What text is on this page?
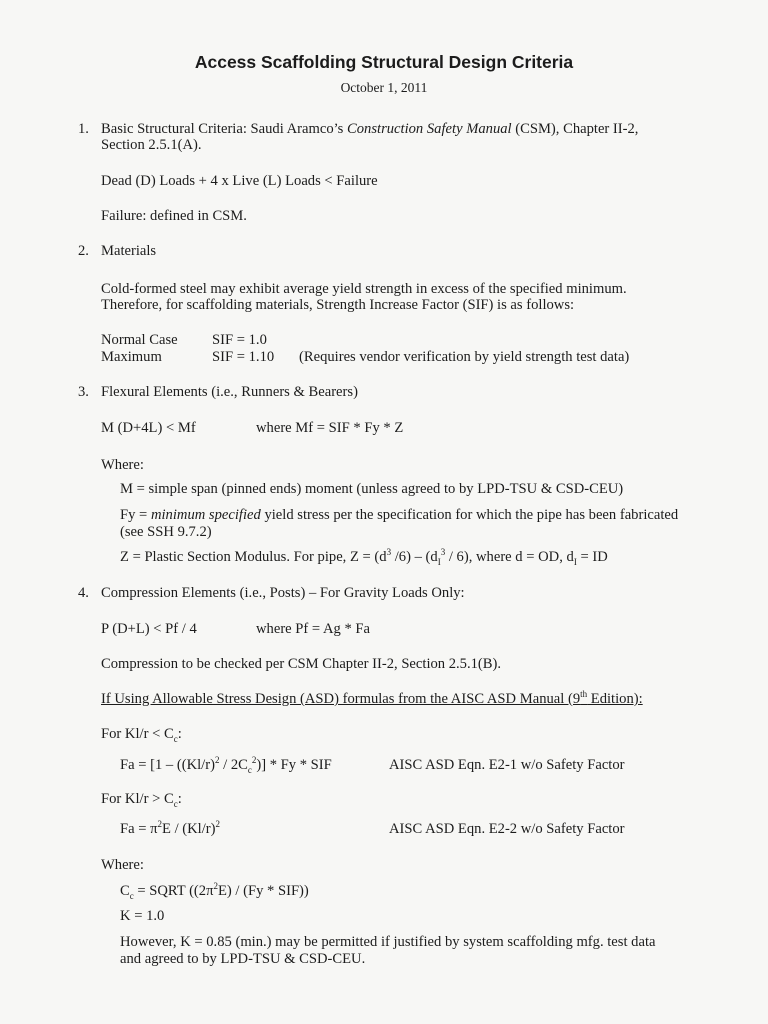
Access Scaffolding Structural Design Criteria
October 1, 2011
1. Basic Structural Criteria: Saudi Aramco’s Construction Safety Manual (CSM), Chapter II-2,
Section 2.5.1(A).
Dead (D) Loads + 4 x Live (L) Loads < Failure
Failure: defined in CSM.
2. Materials
Cold-formed steel may exhibit average yield strength in excess of the specified minimum.
Therefore, for scaffolding materials, Strength Increase Factor (SIF) is as follows:
Normal Case SIF = 1.0
Maximum	SIF = 1.10 (Requires vendor verification by yield strength test data)
3. Flexural Elements (i.e., Runners & Bearers)
M (D+4L) < Mf	where Mf = SIF * Fy * Z
Where:
M = simple span (pinned ends) moment (unless agreed to by LPD-TSU & CSD-CEU)
Fy = minimum specified yield stress per the specification for which the pipe has been fabricated
(see SSH 9.7.2)
Z = Plastic Section Modulus. For pipe, $Z = (d^3$ $/6) - (d_I^3 / 6)$, where d = OD, $d_I$ = ID
4. Compression Elements (i.e., Posts) – For Gravity Loads Only:
P (D+L) < Pf / 4	where Pf = Ag * Fa
Compression to be checked per CSM Chapter II-2, Section 2.5.1(B).
If Using Allowable Stress Design (ASD) formulas from the AISC ASD Manual (9th Edition):
For $Kl/r < C_c$:
$Fa = [1 - ((Kl/r)^2 / 2C_c^2)] * Fy$ * SIF	AISC ASD Eqn. E2-1 w/o Safety Factor
For $Kl/r > C_c$:
$Fa = \pi^2E / (Kl/r)^2$	AISC ASD Eqn. E2-2 w/o Safety Factor
Where:
$C_c$ = SQRT $((2\pi^2E) / (Fy * SIF))$
K = 1.0
However, K = 0.85 (min.) may be permitted if justified by system scaffolding mfg. test data
and agreed to by LPD-TSU & CSD-CEU.
